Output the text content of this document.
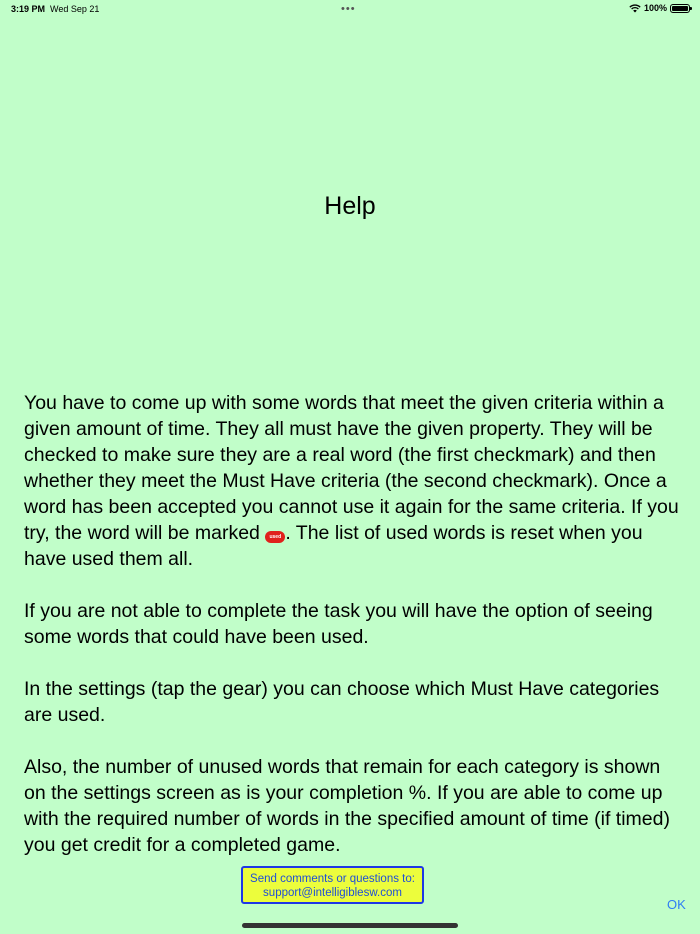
3:19 PM Wed Sep 21	•••	100%
Help

You have to come up with some words that meet the given criteria within a given amount of time. They all must have the given property. They will be checked to make sure they are a real word (the first checkmark) and then whether they meet the Must Have criteria (the second checkmark). Once a word has been accepted you cannot use it again for the same criteria. If you try, the word will be marked used . The list of used words is reset when you have used them all.

If you are not able to complete the task you will have the option of seeing some words that could have been used.

In the settings (tap the gear) you can choose which Must Have categories are used.

Also, the number of unused words that remain for each category is shown on the settings screen as is your completion %. If you are able to come up with the required number of words in the specified amount of time (if timed) you get credit for a completed game.

Send comments or questions to:
support@intelligiblesw.com
OK
